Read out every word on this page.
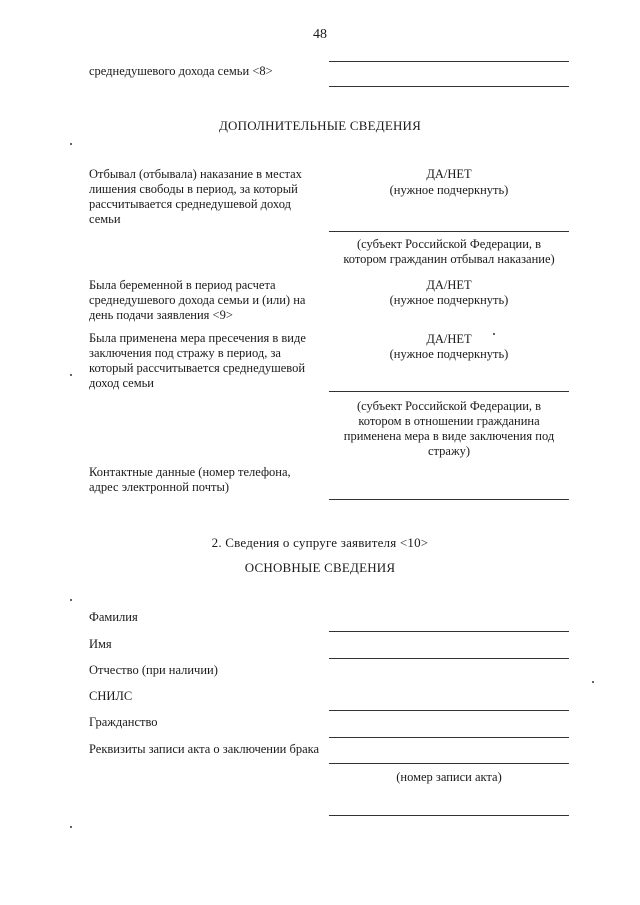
48
среднедушевого дохода семьи <8>
ДОПОЛНИТЕЛЬНЫЕ СВЕДЕНИЯ
Отбывал (отбывала) наказание в местах лишения свободы в период, за который рассчитывается среднедушевой доход семьи
ДА/НЕТ
(нужное подчеркнуть)
(субъект Российской Федерации, в котором гражданин отбывал наказание)
Была беременной в период расчета среднедушевого дохода семьи и (или) на день подачи заявления <9>
ДА/НЕТ
(нужное подчеркнуть)
Была применена мера пресечения в виде заключения под стражу в период, за который рассчитывается среднедушевой доход семьи
ДА/НЕТ
(нужное подчеркнуть)
(субъект Российской Федерации, в котором в отношении гражданина применена мера в виде заключения под стражу)
Контактные данные (номер телефона, адрес электронной почты)
2. Сведения о супруге заявителя <10>
ОСНОВНЫЕ СВЕДЕНИЯ
Фамилия
Имя
Отчество (при наличии)
СНИЛС
Гражданство
Реквизиты записи акта о заключении брака
(номер записи акта)
